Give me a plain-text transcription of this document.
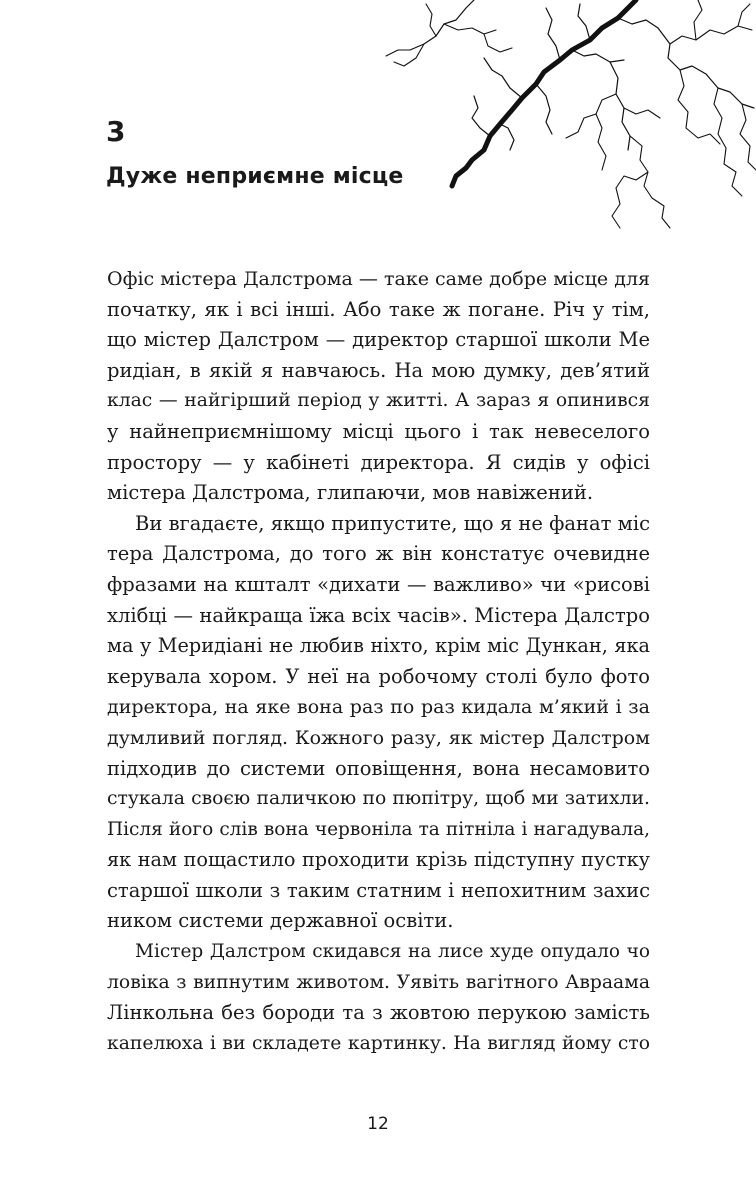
3
Дуже неприємне місце
Офіс містера Далстрома — таке саме добре місце для
початку, як і всі інші. Або таке ж погане. Річ у тім,
що містер Далстром — директор старшої школи Ме
ридіан, в якій я навчаюсь. На мою думку, дев’ятий
клас — найгірший період у житті. А зараз я опинився
у найнеприємнішому місці цього і так невеселого
простору — у кабінеті директора. Я сидів у офісі
містера Далстрома, глипаючи, мов навіжений.
Ви вгадаєте, якщо припустите, що я не фанат міс
тера Далстрома, до того ж він констатує очевидне
фразами на кшталт «дихати — важливо» чи «рисові
хлібці — найкраща їжа всіх часів». Містера Далстро
ма у Меридіані не любив ніхто, крім міс Дункан, яка
керувала хором. У неї на робочому столі було фото
директора, на яке вона раз по раз кидала м’який і за
думливий погляд. Кожного разу, як містер Далстром
підходив до системи оповіщення, вона несамовито
стукала своєю паличкою по пюпітру, щоб ми затихли.
Після його слів вона червоніла та пітніла і нагадувала,
як нам пощастило проходити крізь підступну пустку
старшої школи з таким статним і непохитним захис
ником системи державної освіти.
Містер Далстром скидався на лисе худе опудало чо
ловіка з випнутим животом. Уявіть вагітного Авраама
Лінкольна без бороди та з жовтою перукою замість
капелюха і ви складете картинку. На вигляд йому сто
12
